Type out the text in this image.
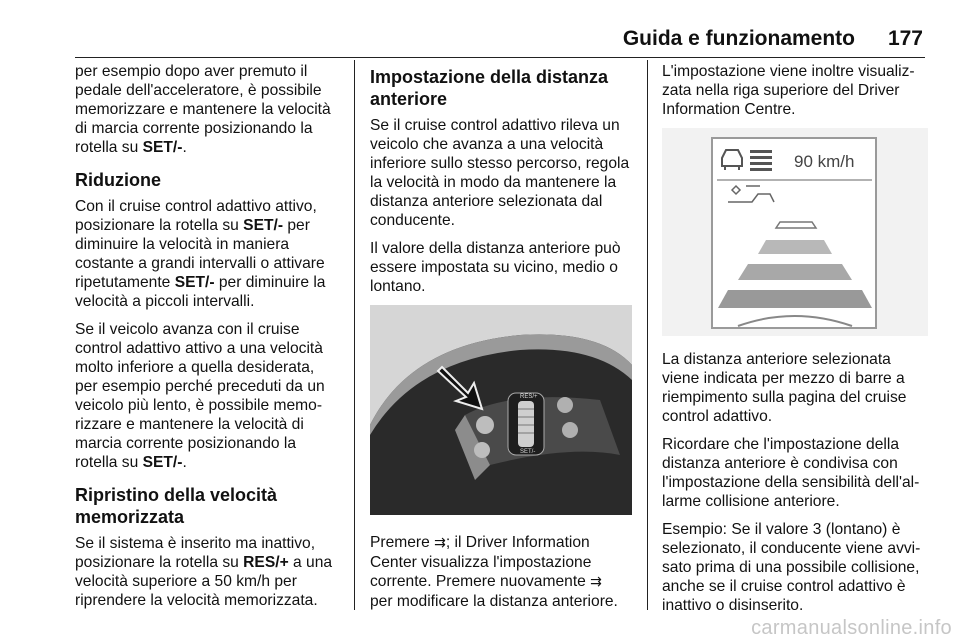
Guida e funzionamento 177

per esempio dopo aver premuto il
pedale dell'acceleratore, è possibile
memorizzare e mantenere la velocità
di marcia corrente posizionando la
rotella su SET/-.

Riduzione

Con il cruise control adattivo attivo,
posizionare la rotella su SET/- per
diminuire la velocità in maniera
costante a grandi intervalli o attivare
ripetutamente SET/- per diminuire la
velocità a piccoli intervalli.

Se il veicolo avanza con il cruise
control adattivo attivo a una velocità
molto inferiore a quella desiderata,
per esempio perché preceduti da un
veicolo più lento, è possibile memo-
rizzare e mantenere la velocità di
marcia corrente posizionando la
rotella su SET/-.

Ripristino della velocità
memorizzata

Se il sistema è inserito ma inattivo,
posizionare la rotella su RES/+ a una
velocità superiore a 50 km/h per
riprendere la velocità memorizzata.

Impostazione della distanza
anteriore

Se il cruise control adattivo rileva un
veicolo che avanza a una velocità
inferiore sullo stesso percorso, regola
la velocità in modo da mantenere la
distanza anteriore selezionata dal
conducente.

Il valore della distanza anteriore può
essere impostata su vicino, medio o
lontano.

RES/+
SET/-

Premere ⇉; il Driver Information
Center visualizza l'impostazione
corrente. Premere nuovamente ⇉
per modificare la distanza anteriore.

L'impostazione viene inoltre visualiz-
zata nella riga superiore del Driver
Information Centre.

90 km/h

La distanza anteriore selezionata
viene indicata per mezzo di barre a
riempimento sulla pagina del cruise
control adattivo.

Ricordare che l'impostazione della
distanza anteriore è condivisa con
l'impostazione della sensibilità dell'al-
larme collisione anteriore.

Esempio: Se il valore 3 (lontano) è
selezionato, il conducente viene avvi-
sato prima di una possibile collisione,
anche se il cruise control adattivo è
inattivo o disinserito.

carmanualsonline.info
